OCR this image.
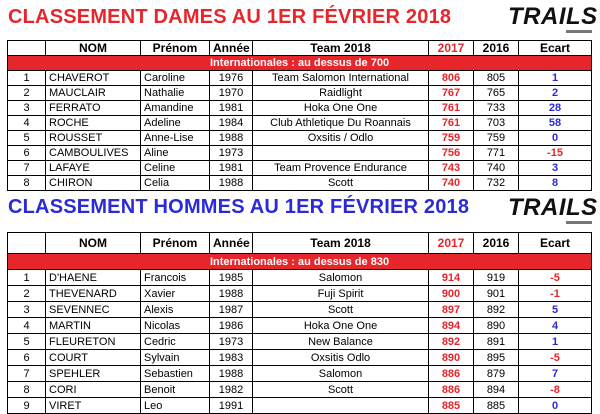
CLASSEMENT DAMES AU 1ER FÉVRIER 2018 TRAILS
	NOM	Prénom	Année	Team 2018	2017	2016	Ecart
Internationales : au dessus de 700							
1	CHAVEROT	Caroline	1976	Team Salomon International	806	805	1
2	MAUCLAIR	Nathalie	1970	Raidlight	767	765	2
3	FERRATO	Amandine	1981	Hoka One One	761	733	28
4	ROCHE	Adeline	1984	Club Athletique Du Roannais	761	703	58
5	ROUSSET	Anne-Lise	1988	Oxsitis / Odlo	759	759	0
6	CAMBOULIVES	Aline	1973		756	771	-15
7	LAFAYE	Celine	1981	Team Provence Endurance	743	740	3
8	CHIRON	Celia	1988	Scott	740	732	8
CLASSEMENT HOMMES AU 1ER FÉVRIER 2018 TRAILS
	NOM	Prénom	Année	Team 2018	2017	2016	Ecart
Internationales : au dessus de 830							
1	D'HAENE	Francois	1985	Salomon	914	919	-5
2	THEVENARD	Xavier	1988	Fuji Spirit	900	901	-1
3	SEVENNEC	Alexis	1987	Scott	897	892	5
4	MARTIN	Nicolas	1986	Hoka One One	894	890	4
5	FLEURETON	Cedric	1973	New Balance	892	891	1
6	COURT	Sylvain	1983	Oxsitis Odlo	890	895	-5
7	SPEHLER	Sebastien	1988	Salomon	886	879	7
8	CORI	Benoit	1982	Scott	886	894	-8
9	VIRET	Leo	1991		885	885	0
